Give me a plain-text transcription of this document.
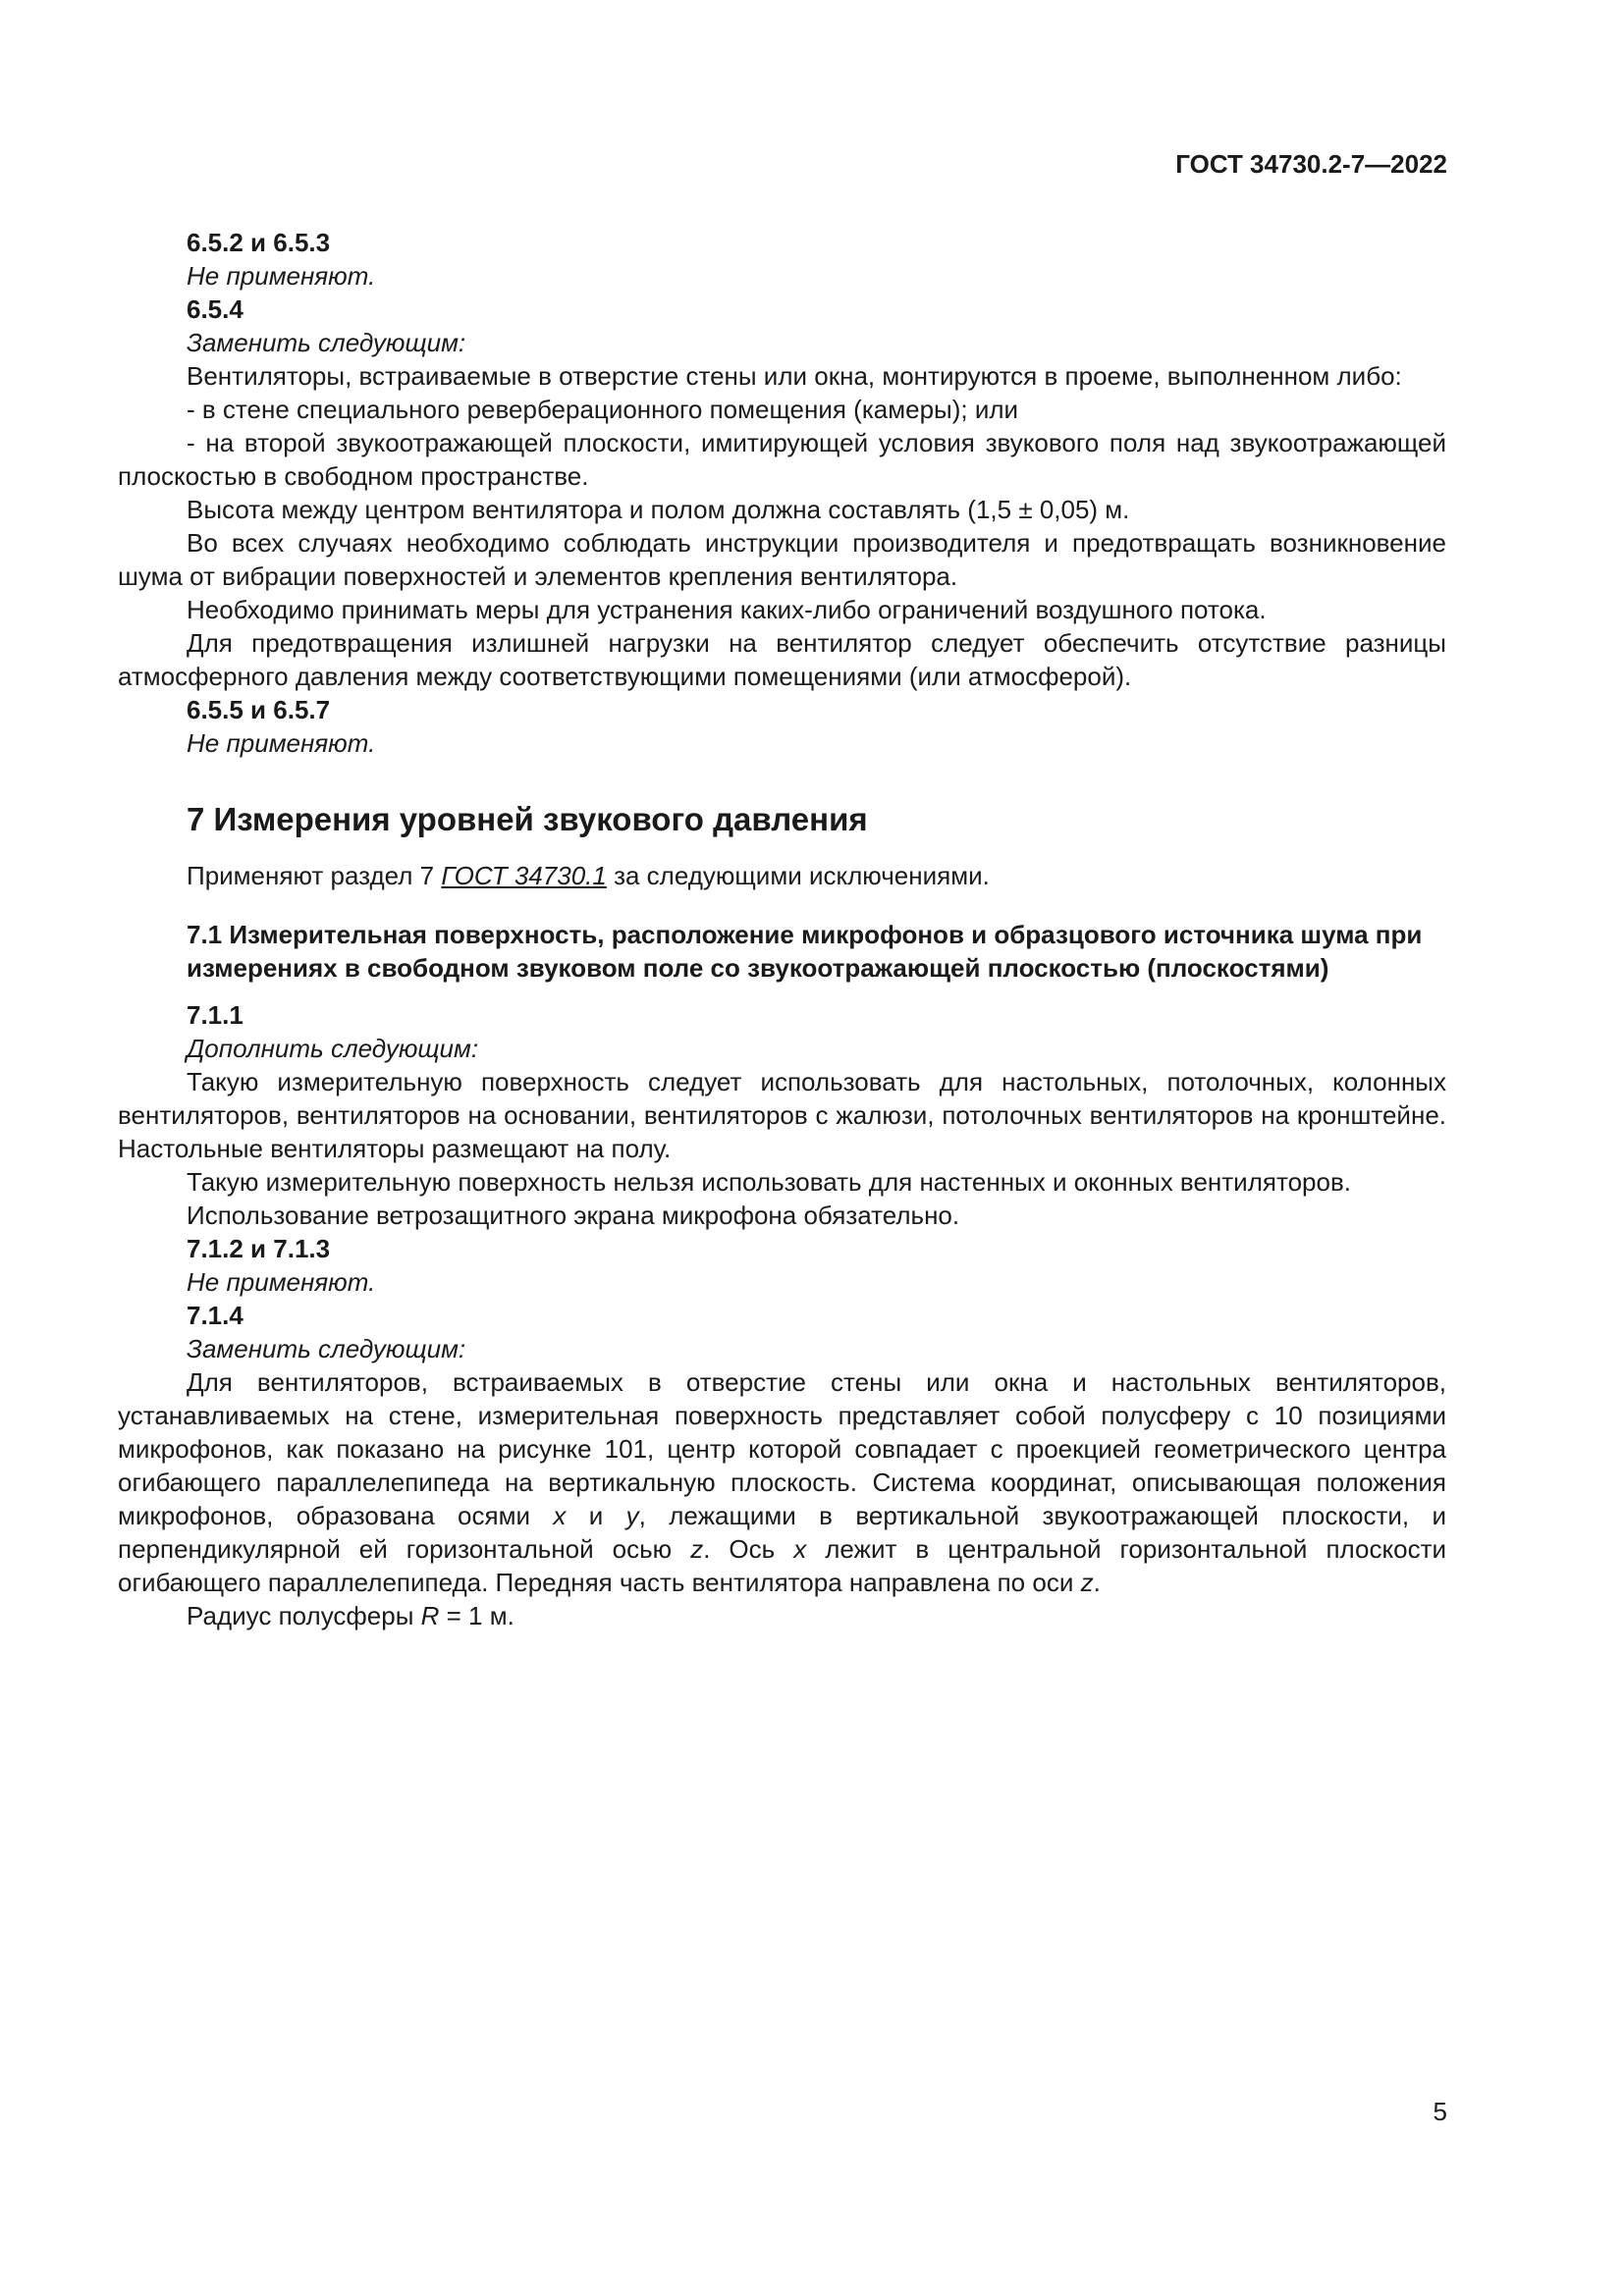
ГОСТ 34730.2-7—2022

6.5.2 и 6.5.3

Не применяют.

6.5.4

Заменить следующим:

Вентиляторы, встраиваемые в отверстие стены или окна, монтируются в проеме, выполненном либо:

- в стене специального реверберационного помещения (камеры); или

- на второй звукоотражающей плоскости, имитирующей условия звукового поля над звукоотражающей плоскостью в свободном пространстве.

Высота между центром вентилятора и полом должна составлять (1,5 ± 0,05) м.

Во всех случаях необходимо соблюдать инструкции производителя и предотвращать возникновение шума от вибрации поверхностей и элементов крепления вентилятора.

Необходимо принимать меры для устранения каких-либо ограничений воздушного потока.

Для предотвращения излишней нагрузки на вентилятор следует обеспечить отсутствие разницы атмосферного давления между соответствующими помещениями (или атмосферой).

6.5.5 и 6.5.7

Не применяют.

7 Измерения уровней звукового давления

Применяют раздел 7 ГОСТ 34730.1 за следующими исключениями.

7.1 Измерительная поверхность, расположение микрофонов и образцового источника шума при измерениях в свободном звуковом поле со звукоотражающей плоскостью (плоскостями)

7.1.1

Дополнить следующим:

Такую измерительную поверхность следует использовать для настольных, потолочных, колонных вентиляторов, вентиляторов на основании, вентиляторов с жалюзи, потолочных вентиляторов на кронштейне. Настольные вентиляторы размещают на полу.

Такую измерительную поверхность нельзя использовать для настенных и оконных вентиляторов.

Использование ветрозащитного экрана микрофона обязательно.

7.1.2 и 7.1.3

Не применяют.

7.1.4

Заменить следующим:

Для вентиляторов, встраиваемых в отверстие стены или окна и настольных вентиляторов, устанавливаемых на стене, измерительная поверхность представляет собой полусферу с 10 позициями микрофонов, как показано на рисунке 101, центр которой совпадает с проекцией геометрического центра огибающего параллелепипеда на вертикальную плоскость. Система координат, описывающая положения микрофонов, образована осями x и y, лежащими в вертикальной звукоотражающей плоскости, и перпендикулярной ей горизонтальной осью z. Ось x лежит в центральной горизонтальной плоскости огибающего параллелепипеда. Передняя часть вентилятора направлена по оси z.

Радиус полусферы R = 1 м.

5
